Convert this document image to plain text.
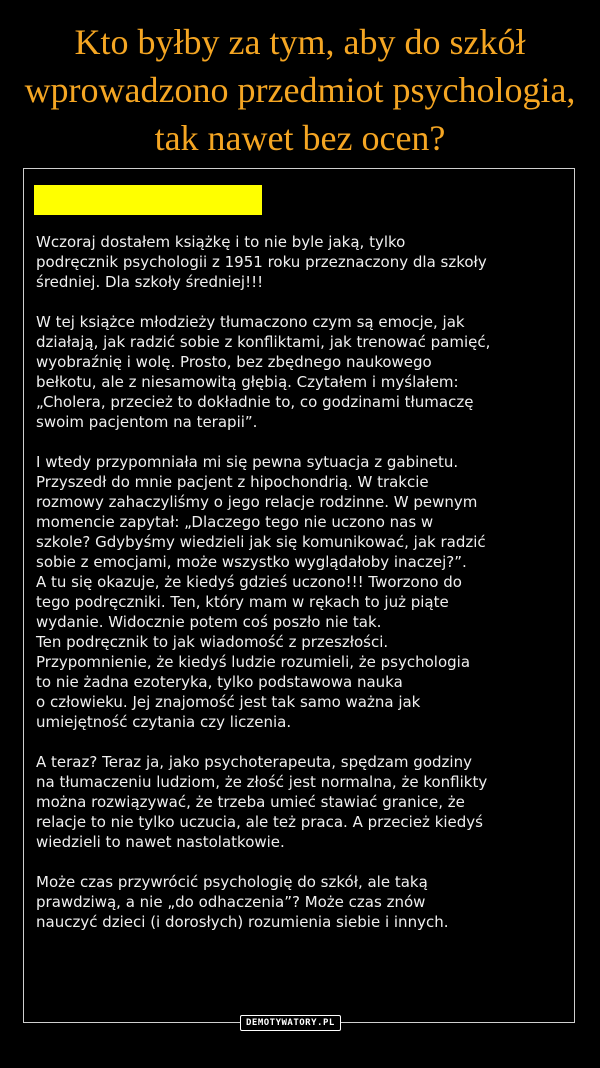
Kto byłby za tym, aby do szkół wprowadzono przedmiot psychologia, tak nawet bez ocen?

Wczoraj dostałem książkę i to nie byle jaką, tylko
podręcznik psychologii z 1951 roku przeznaczony dla szkoły
średniej. Dla szkoły średniej!!!

W tej książce młodzieży tłumaczono czym są emocje, jak
działają, jak radzić sobie z konfliktami, jak trenować pamięć,
wyobraźnię i wolę. Prosto, bez zbędnego naukowego
bełkotu, ale z niesamowitą głębią. Czytałem i myślałem:
„Cholera, przecież to dokładnie to, co godzinami tłumaczę
swoim pacjentom na terapii”.

I wtedy przypomniała mi się pewna sytuacja z gabinetu.
Przyszedł do mnie pacjent z hipochondrią. W trakcie
rozmowy zahaczyliśmy o jego relacje rodzinne. W pewnym
momencie zapytał: „Dlaczego tego nie uczono nas w
szkole? Gdybyśmy wiedzieli jak się komunikować, jak radzić
sobie z emocjami, może wszystko wyglądałoby inaczej?”.
A tu się okazuje, że kiedyś gdzieś uczono!!! Tworzono do
tego podręczniki. Ten, który mam w rękach to już piąte
wydanie. Widocznie potem coś poszło nie tak.
Ten podręcznik to jak wiadomość z przeszłości.
Przypomnienie, że kiedyś ludzie rozumieli, że psychologia
to nie żadna ezoteryka, tylko podstawowa nauka
o człowieku. Jej znajomość jest tak samo ważna jak
umiejętność czytania czy liczenia.

A teraz? Teraz ja, jako psychoterapeuta, spędzam godziny
na tłumaczeniu ludziom, że złość jest normalna, że konflikty
można rozwiązywać, że trzeba umieć stawiać granice, że
relacje to nie tylko uczucia, ale też praca. A przecież kiedyś
wiedzieli to nawet nastolatkowie.

Może czas przywrócić psychologię do szkół, ale taką
prawdziwą, a nie „do odhaczenia”? Może czas znów
nauczyć dzieci (i dorosłych) rozumienia siebie i innych.

DEMOTYWATORY.PL
